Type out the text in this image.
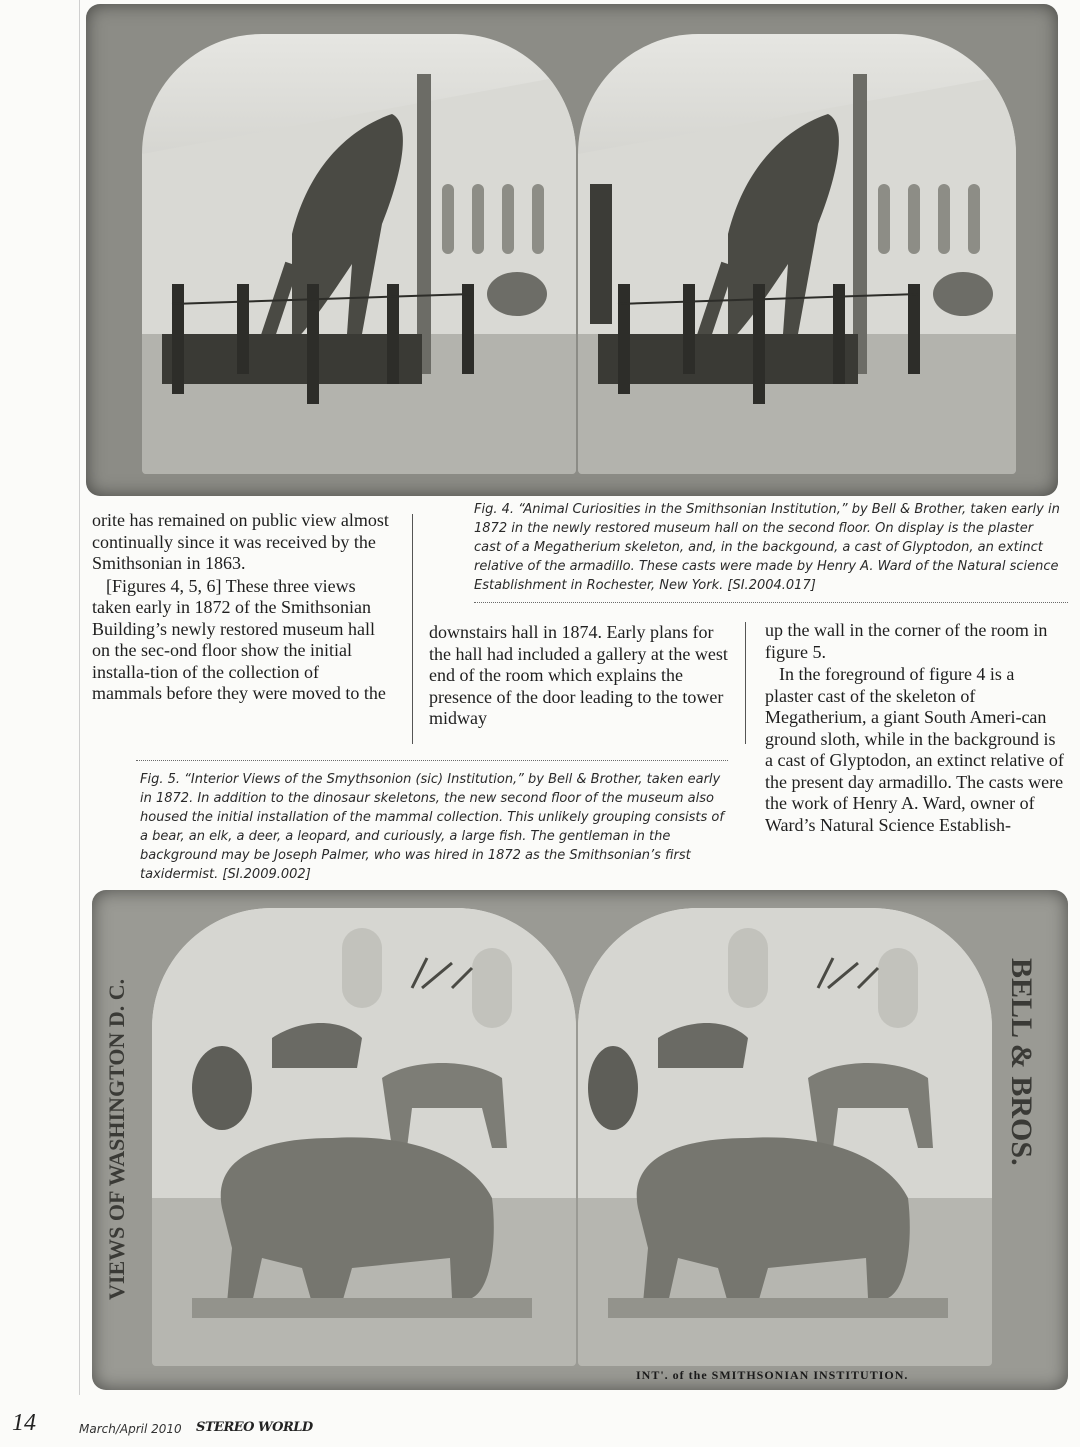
Fig. 4. “Animal Curiosities in the Smithsonian Institution,” by Bell & Brother, taken early in 1872 in the newly restored museum hall on the second floor. On display is the plaster cast of a Megatherium skeleton, and, in the backgound, a cast of Glyptodon, an extinct relative of the armadillo. These casts were made by Henry A. Ward of the Natural science Establishment in Rochester, New York. [SI.2004.017]

orite has remained on public view almost continually since it was received by the Smithsonian in 1863.

[Figures 4, 5, 6] These three views taken early in 1872 of the Smithsonian Building’s newly restored museum hall on the sec-ond floor show the initial installa-tion of the collection of mammals before they were moved to the

downstairs hall in 1874. Early plans for the hall had included a gallery at the west end of the room which explains the presence of the door leading to the tower midway

up the wall in the corner of the room in figure 5.

In the foreground of figure 4 is a plaster cast of the skeleton of Megatherium, a giant South Ameri-can ground sloth, while in the background is a cast of Glyptodon, an extinct relative of the present day armadillo. The casts were the work of Henry A. Ward, owner of Ward’s Natural Science Establish-

Fig. 5. “Interior Views of the Smythsonion (sic) Institution,” by Bell & Brother, taken early in 1872. In addition to the dinosaur skeletons, the new second floor of the museum also housed the initial installation of the mammal collection. This unlikely grouping consists of a bear, an elk, a deer, a leopard, and curiously, a large fish. The gentleman in the background may be Joseph Palmer, who was hired in 1872 as the Smithsonian’s first taxidermist. [SI.2009.002]

VIEWS OF WASHINGTON D. C.	BELL & BROS.
INT'. of the SMITHSONIAN INSTITUTION.
14	March/April 2010 STEREO WORLD
